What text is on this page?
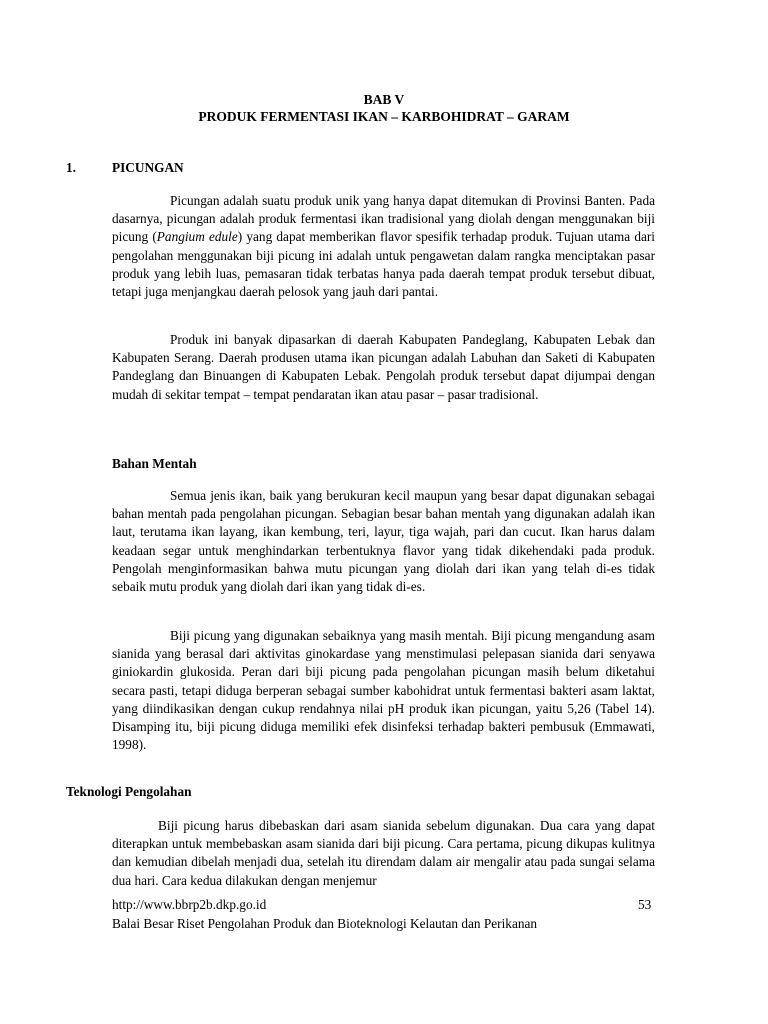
BAB V
PRODUK FERMENTASI IKAN – KARBOHIDRAT – GARAM
1.	PICUNGAN
Picungan adalah suatu produk unik yang hanya dapat ditemukan di Provinsi Banten. Pada dasarnya, picungan adalah produk fermentasi ikan tradisional yang diolah dengan menggunakan biji picung (Pangium edule) yang dapat memberikan flavor spesifik terhadap produk. Tujuan utama dari pengolahan menggunakan biji picung ini adalah untuk pengawetan dalam rangka menciptakan pasar produk yang lebih luas, pemasaran tidak terbatas hanya pada daerah tempat produk tersebut dibuat, tetapi juga menjangkau daerah pelosok yang jauh dari pantai.
Produk ini banyak dipasarkan di daerah Kabupaten Pandeglang, Kabupaten Lebak dan Kabupaten Serang. Daerah produsen utama ikan picungan adalah Labuhan dan Saketi di Kabupaten Pandeglang dan Binuangen di Kabupaten Lebak. Pengolah produk tersebut dapat dijumpai dengan mudah di sekitar tempat – tempat pendaratan ikan atau pasar – pasar tradisional.
Bahan Mentah
Semua jenis ikan, baik yang berukuran kecil maupun yang besar dapat digunakan sebagai bahan mentah pada pengolahan picungan. Sebagian besar bahan mentah yang digunakan adalah ikan laut, terutama ikan layang, ikan kembung, teri, layur, tiga wajah, pari dan cucut. Ikan harus dalam keadaan segar untuk menghindarkan terbentuknya flavor yang tidak dikehendaki pada produk. Pengolah menginformasikan bahwa mutu picungan yang diolah dari ikan yang telah di-es tidak sebaik mutu produk yang diolah dari ikan yang tidak di-es.
Biji picung yang digunakan sebaiknya yang masih mentah. Biji picung mengandung asam sianida yang berasal dari aktivitas ginokardase yang menstimulasi pelepasan sianida dari senyawa giniokardin glukosida. Peran dari biji picung pada pengolahan picungan masih belum diketahui secara pasti, tetapi diduga berperan sebagai sumber kabohidrat untuk fermentasi bakteri asam laktat, yang diindikasikan dengan cukup rendahnya nilai pH produk ikan picungan, yaitu 5,26 (Tabel 14). Disamping itu, biji picung diduga memiliki efek disinfeksi terhadap bakteri pembusuk (Emmawati, 1998).
Teknologi Pengolahan
Biji picung harus dibebaskan dari asam sianida sebelum digunakan. Dua cara yang dapat diterapkan untuk membebaskan asam sianida dari biji picung. Cara pertama, picung dikupas kulitnya dan kemudian dibelah menjadi dua, setelah itu direndam dalam air mengalir atau pada sungai selama dua hari. Cara kedua dilakukan dengan menjemur
http://www.bbrp2b.dkp.go.id	53
Balai Besar Riset Pengolahan Produk dan Bioteknologi Kelautan dan Perikanan
